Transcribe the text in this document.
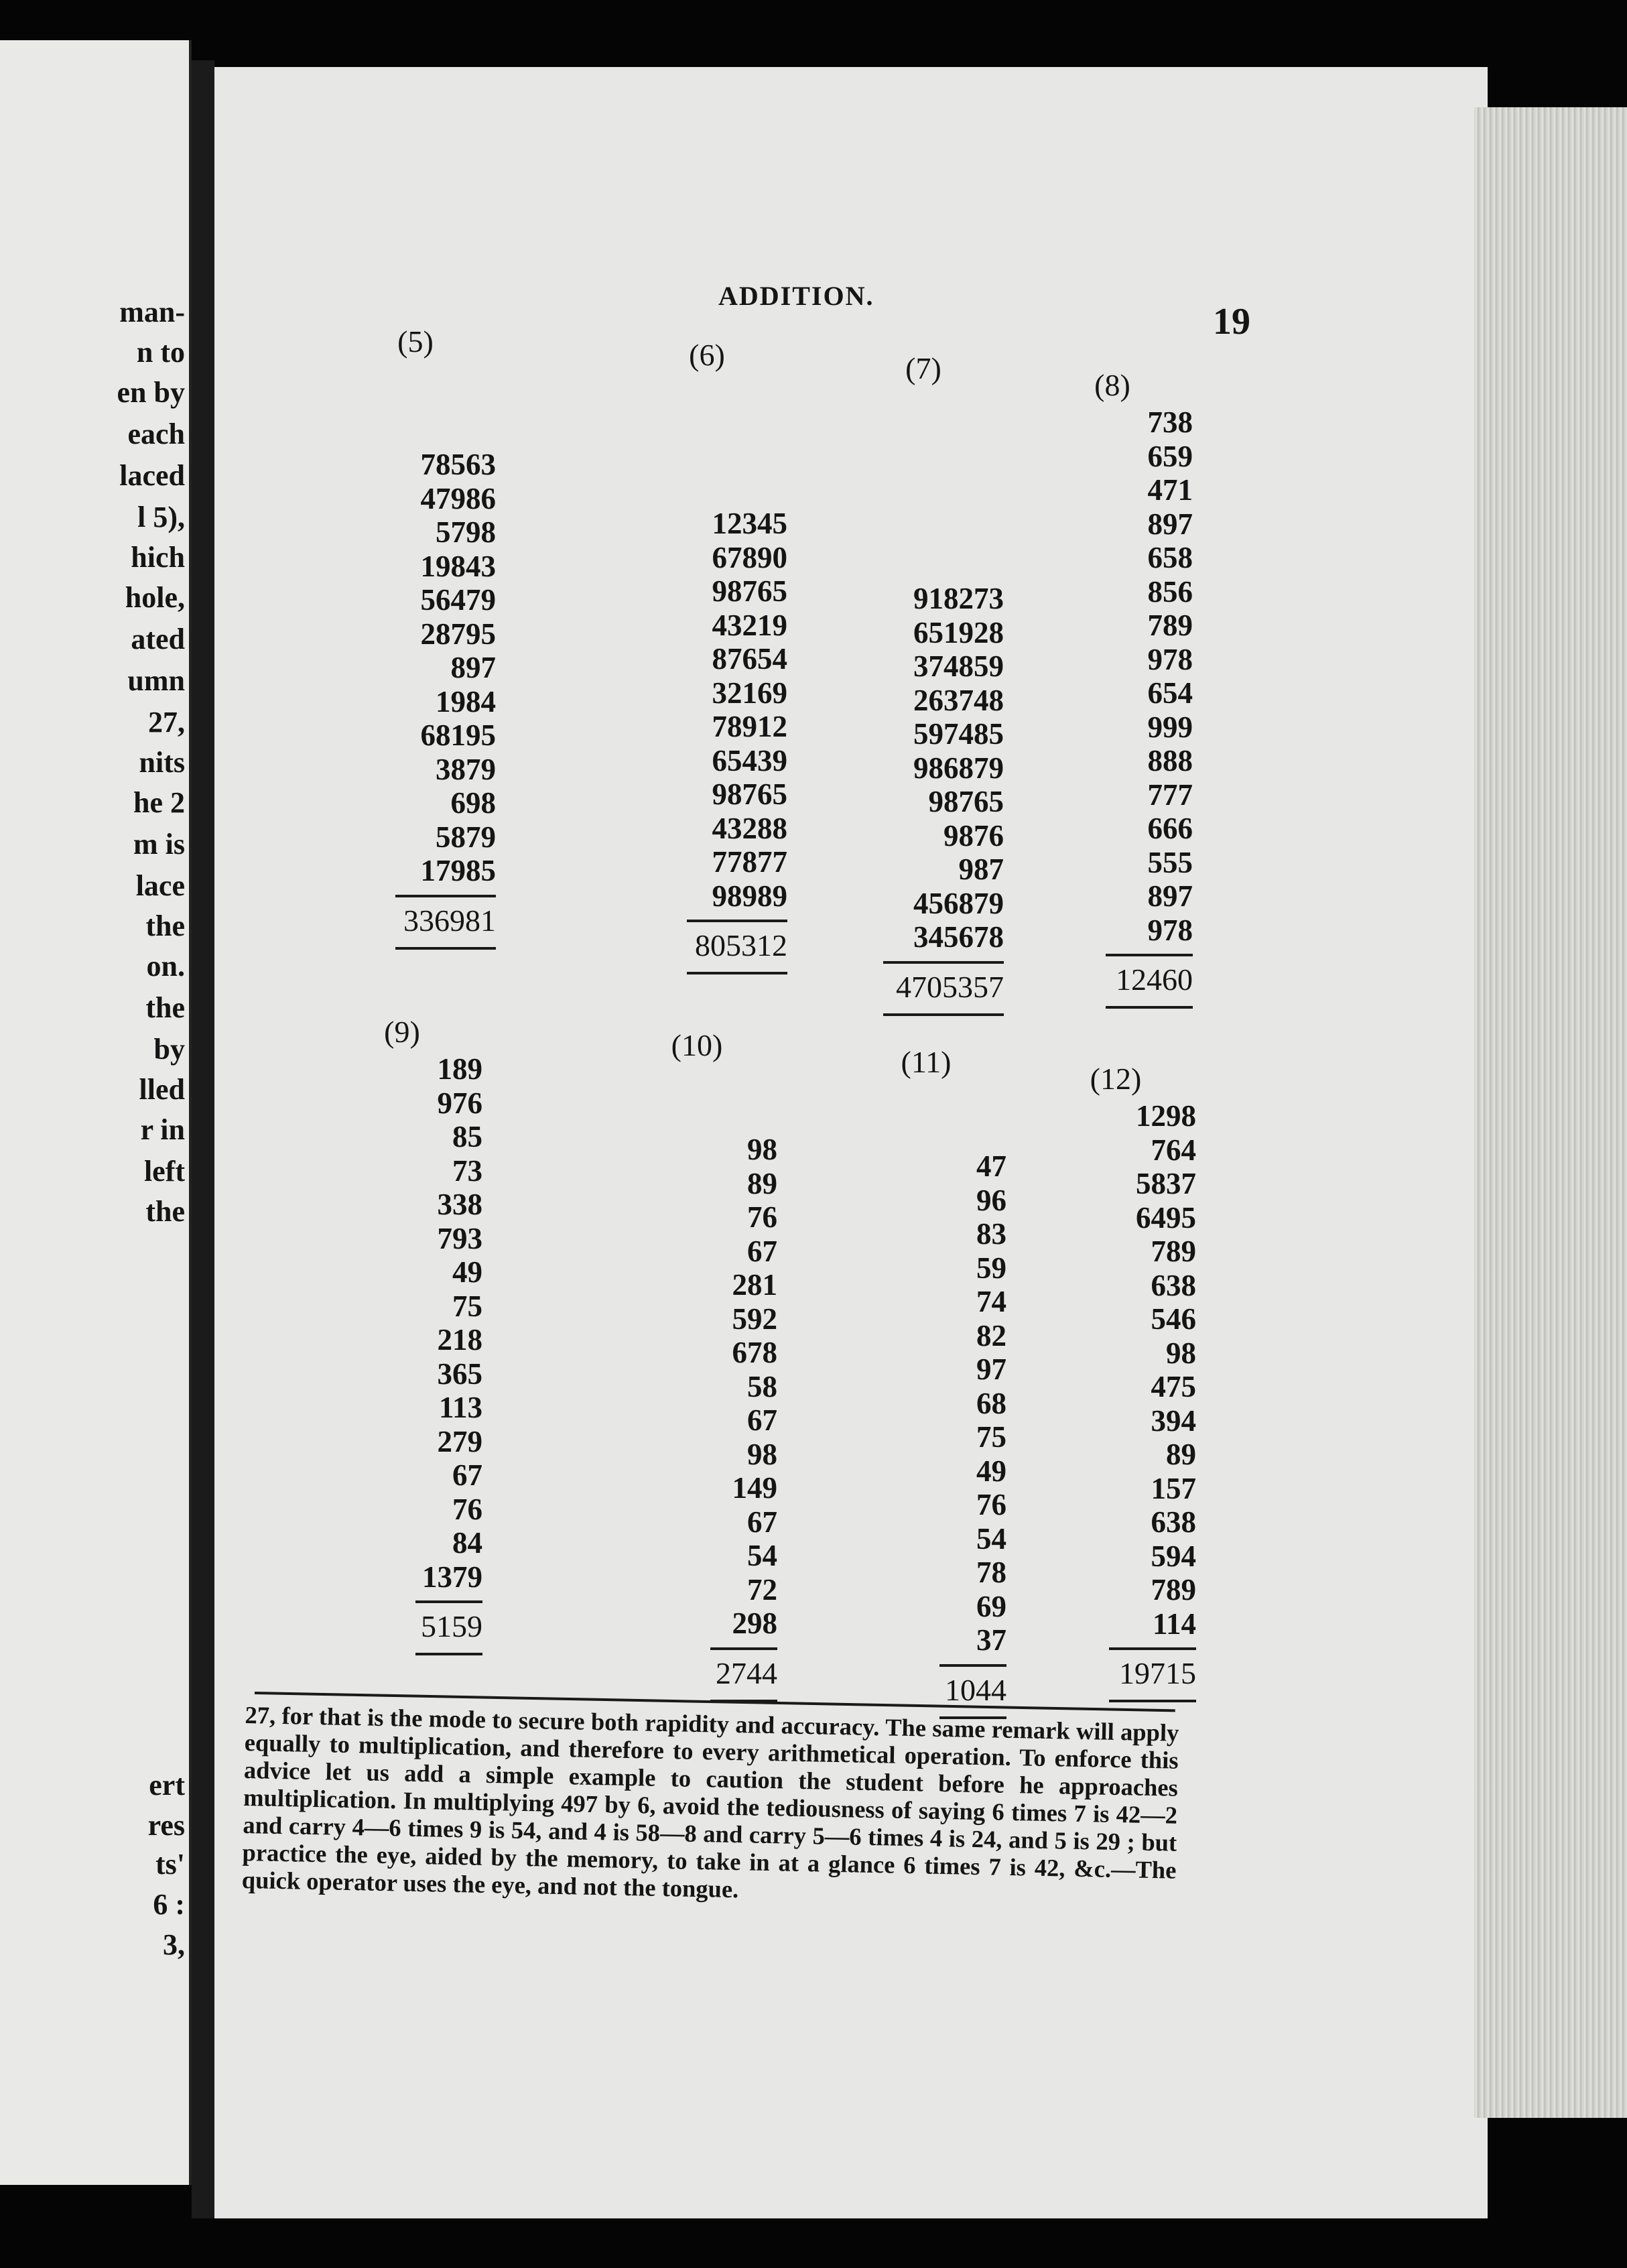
man-
n to
en by
each
laced
l 5),
hich
hole,
ated
umn
27,
nits
he 2
m is
lace
the
on.
the
by
lled
r in
left
the
ert
res
ts'
6 :
3,
ADDITION.
19
(5)
78563
47986
5798
19843
56479
28795
897
1984
68195
3879
698
5879
17985
336981
(6)
12345
67890
98765
43219
87654
32169
78912
65439
98765
43288
77877
98989
805312
(7)
918273
651928
374859
263748
597485
986879
98765
9876
987
456879
345678
4705357
(8)
738
659
471
897
658
856
789
978
654
999
888
777
666
555
897
978
12460
(9)
189
976
85
73
338
793
49
75
218
365
113
279
67
76
84
1379
5159
(10)
98
89
76
67
281
592
678
58
67
98
149
67
54
72
298
2744
(11)
47
96
83
59
74
82
97
68
75
49
76
54
78
69
37
1044
(12)
1298
764
5837
6495
789
638
546
98
475
394
89
157
638
594
789
114
19715
27, for that is the mode to secure both rapidity and accuracy. The same remark will apply equally to multiplication, and therefore to every arithmetical operation. To enforce this advice let us add a simple example to caution the student before he approaches multiplication. In multiplying 497 by 6, avoid the tediousness of saying 6 times 7 is 42—2 and carry 4—6 times 9 is 54, and 4 is 58—8 and carry 5—6 times 4 is 24, and 5 is 29 ; but practice the eye, aided by the memory, to take in at a glance 6 times 7 is 42, &c.—The quick operator uses the eye, and not the tongue.
